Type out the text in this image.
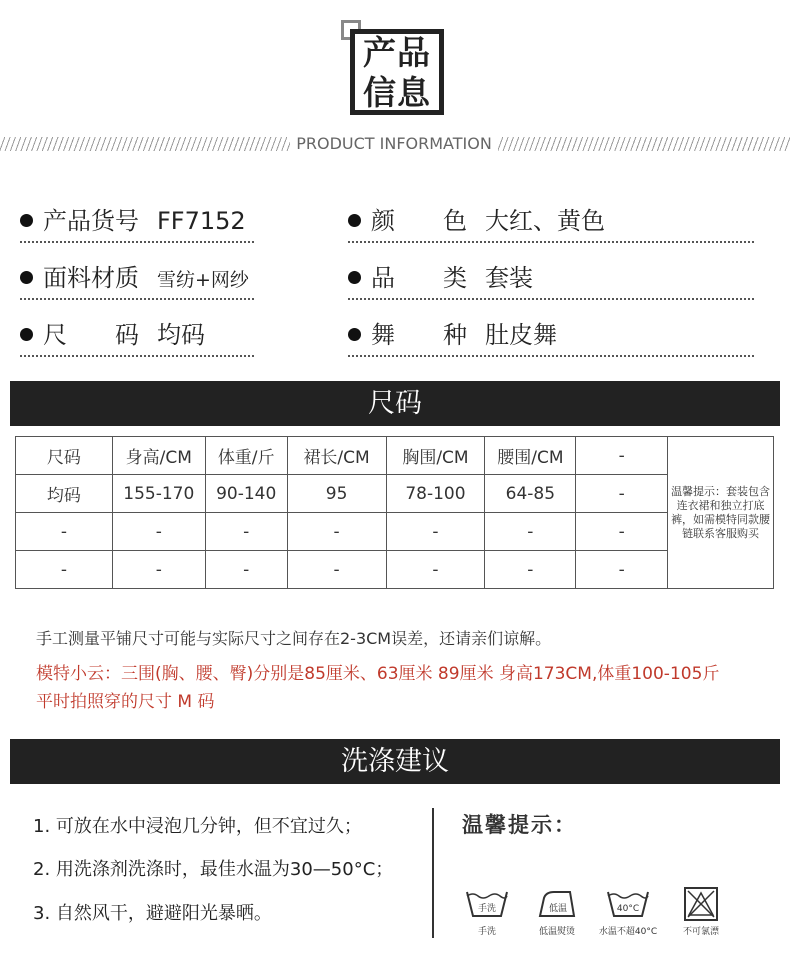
产品
信息
PRODUCT INFORMATION
产品货号 FF7152
面料材质 雪纺+网纱
尺　　码 均码
颜　　色 大红、黄色
品　　类 套装
舞　　种 肚皮舞
尺码
尺码	身高/CM	体重/斤	裙长/CM	胸围/CM	腰围/CM	-	温馨提示：套装包含连衣裙和独立打底裤，如需模特同款腰链联系客服购买
均码	155-170	90-140	95	78-100	64-85	-	
-	-	-	-	-	-	-	
-	-	-	-	-	-	-	
手工测量平铺尺寸可能与实际尺寸之间存在2-3CM误差，还请亲们谅解。
模特小云：三围(胸、腰、臀)分别是85厘米、63厘米 89厘米 身高173CM,体重100-105斤
平时拍照穿的尺寸 M 码
洗涤建议
1. 可放在水中浸泡几分钟，但不宜过久；
2. 用洗涤剂洗涤时，最佳水温为30—50°C；
3. 自然风干，避避阳光暴晒。
温馨提示：
手洗
手洗
低温
低温熨烫
40°C
水温不超40°C	不可氯漂
